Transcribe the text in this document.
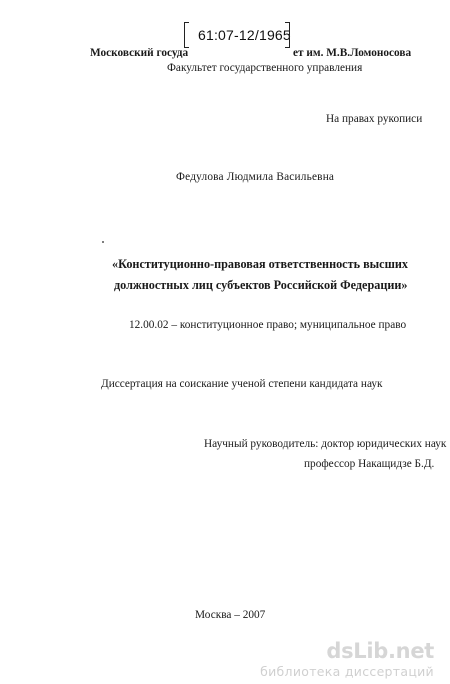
61:07-12/1965
Московский госуда	ет им. М.В.Ломоносова
Факультет государственного управления
На правах рукописи
Федулова Людмила Васильевна
«Конституционно-правовая ответственность высших
должностных лиц субъектов Российской Федерации»
12.00.02 – конституционное право; муниципальное право
Диссертация на соискание ученой степени кандидата наук
Научный руководитель: доктор юридических наук
профессор Накащидзе Б.Д.
Москва – 2007
dsLib.net
библиотека диссертаций
